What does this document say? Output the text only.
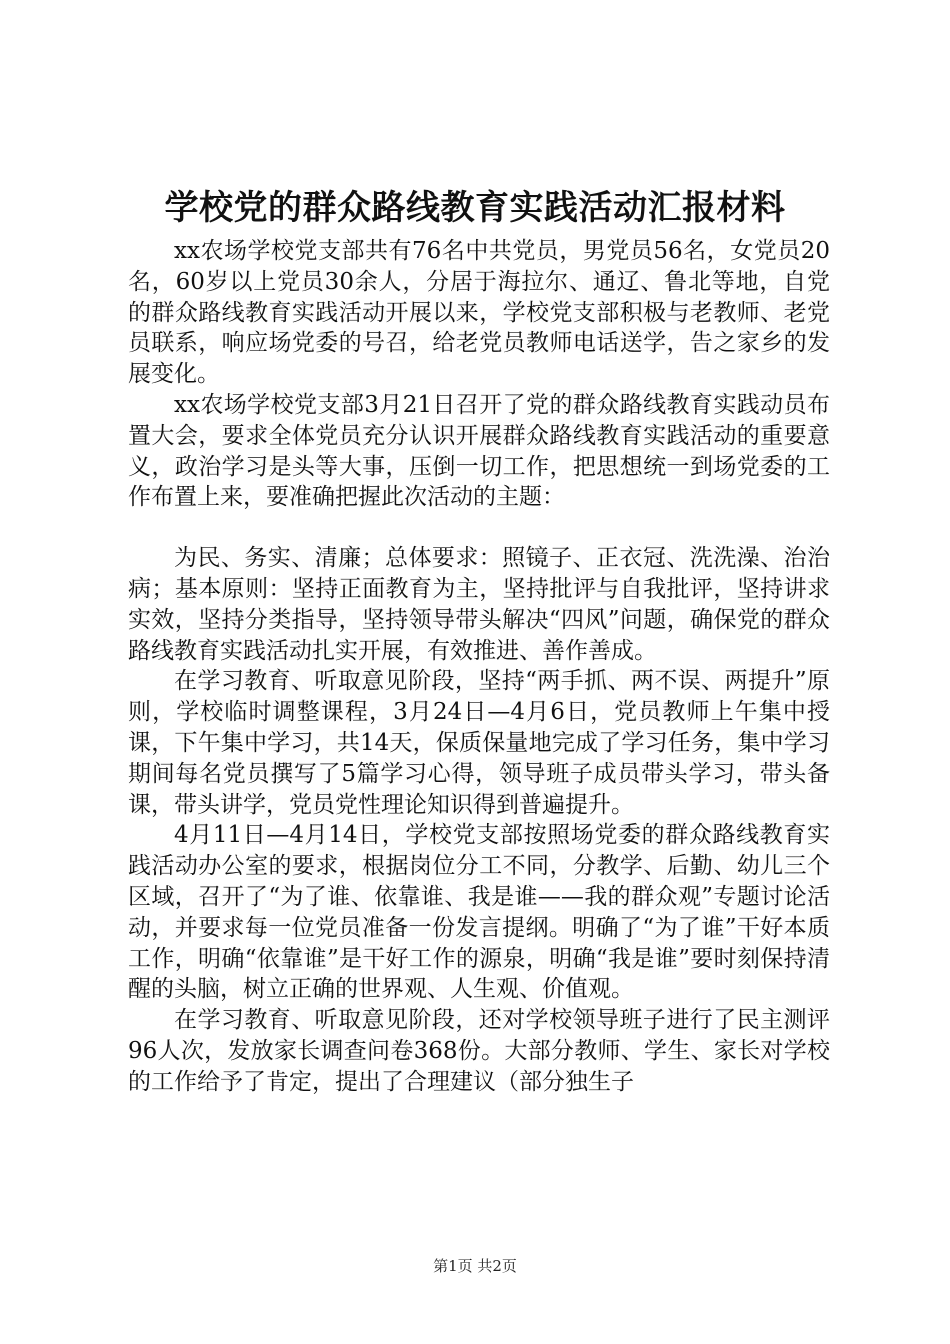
学校党的群众路线教育实践活动汇报材料

xx农场学校党支部共有76名中共党员，男党员56名，女党员20名，60岁以上党员30余人，分居于海拉尔、通辽、鲁北等地，自党的群众路线教育实践活动开展以来，学校党支部积极与老教师、老党员联系，响应场党委的号召，给老党员教师电话送学，告之家乡的发展变化。

xx农场学校党支部3月21日召开了党的群众路线教育实践动员布置大会，要求全体党员充分认识开展群众路线教育实践活动的重要意义，政治学习是头等大事，压倒一切工作，把思想统一到场党委的工作布置上来，要准确把握此次活动的主题：

为民、务实、清廉；总体要求：照镜子、正衣冠、洗洗澡、治治病；基本原则：坚持正面教育为主，坚持批评与自我批评，坚持讲求实效，坚持分类指导，坚持领导带头解决“四风”问题，确保党的群众路线教育实践活动扎实开展，有效推进、善作善成。

在学习教育、听取意见阶段，坚持“两手抓、两不误、两提升”原则，学校临时调整课程，3月24日—4月6日，党员教师上午集中授课，下午集中学习，共14天，保质保量地完成了学习任务，集中学习期间每名党员撰写了5篇学习心得，领导班子成员带头学习，带头备课，带头讲学，党员党性理论知识得到普遍提升。

4月11日—4月14日，学校党支部按照场党委的群众路线教育实践活动办公室的要求，根据岗位分工不同，分教学、后勤、幼儿三个区域，召开了“为了谁、依靠谁、我是谁——我的群众观”专题讨论活动，并要求每一位党员准备一份发言提纲。明确了“为了谁”干好本质工作，明确“依靠谁”是干好工作的源泉，明确“我是谁”要时刻保持清醒的头脑，树立正确的世界观、人生观、价值观。

在学习教育、听取意见阶段，还对学校领导班子进行了民主测评96人次，发放家长调查问卷368份。大部分教师、学生、家长对学校的工作给予了肯定，提出了合理建议（部分独生子

第1页 共2页
